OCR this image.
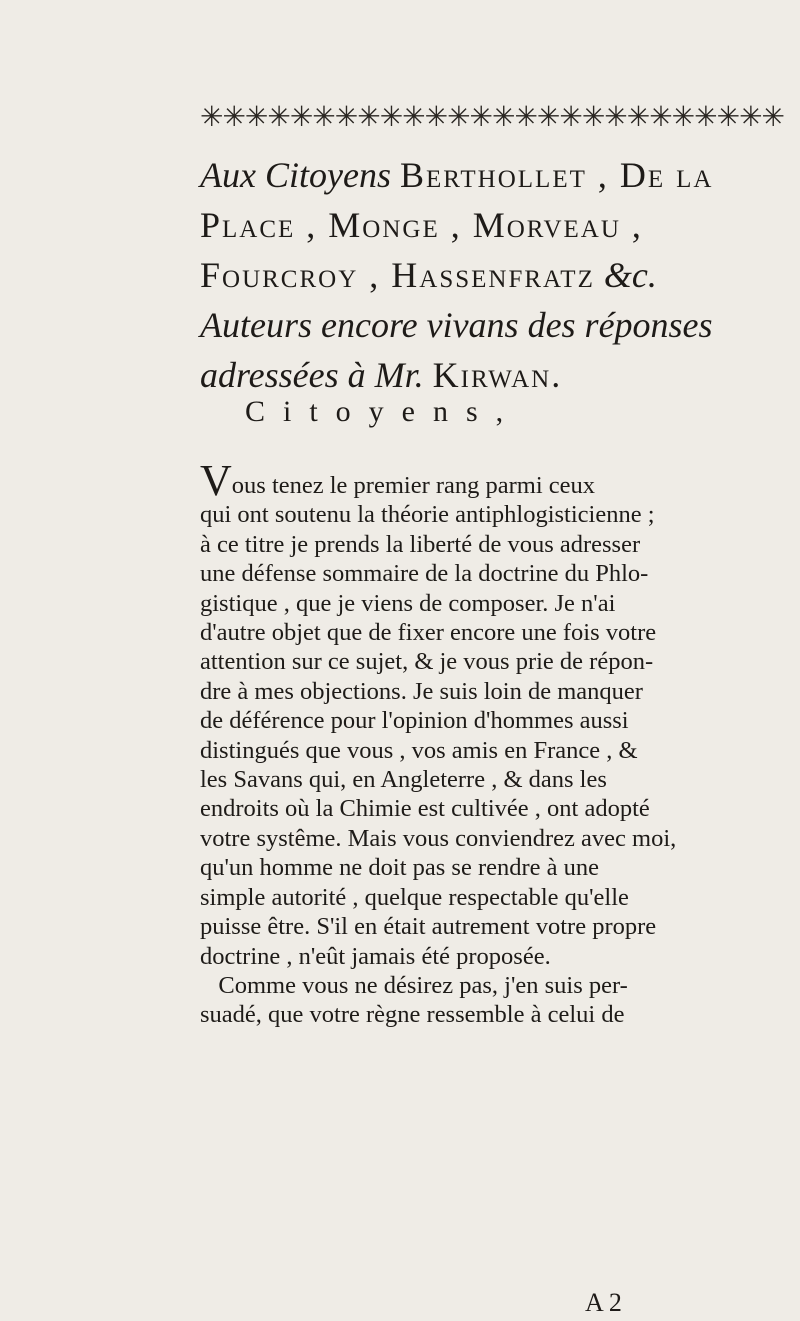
✳✳✳✳✳✳✳✳✳✳✳✳✳✳✳✳✳✳✳✳✳✳✳✳✳✳
Aux Citoyens Berthollet , De la
Place , Monge , Morveau ,
Fourcroy , Hassenfratz &c.
Auteurs encore vivans des réponses
adressées à Mr. Kirwan.
Citoyens,
Vous tenez le premier rang parmi ceux
qui ont soutenu la théorie antiphlogisticienne ;
à ce titre je prends la liberté de vous adresser
une défense sommaire de la doctrine du Phlo-
gistique , que je viens de composer. Je n'ai
d'autre objet que de fixer encore une fois votre
attention sur ce sujet, & je vous prie de répon-
dre à mes objections. Je suis loin de manquer
de déférence pour l'opinion d'hommes aussi
distingués que vous , vos amis en France , &
les Savans qui, en Angleterre , & dans les
endroits où la Chimie est cultivée , ont adopté
votre systême. Mais vous conviendrez avec moi,
qu'un homme ne doit pas se rendre à une
simple autorité , quelque respectable qu'elle
puisse être. S'il en était autrement votre propre
doctrine , n'eût jamais été proposée.
Comme vous ne désirez pas, j'en suis per-
suadé, que votre règne ressemble à celui de
A 2
